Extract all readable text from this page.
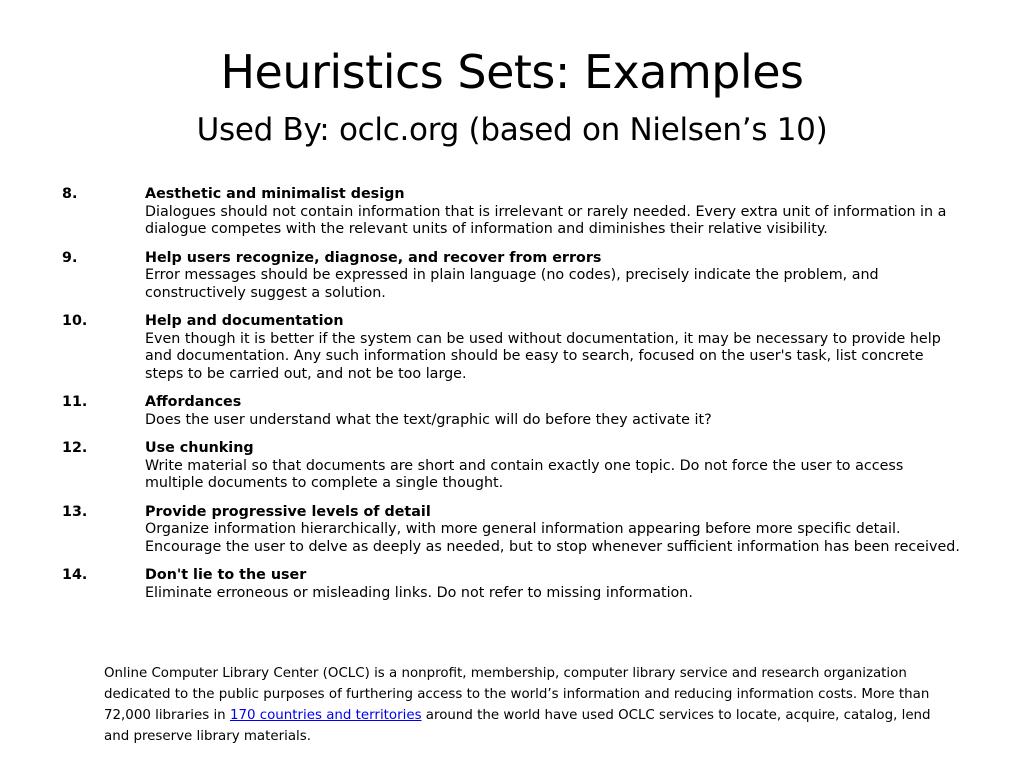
Heuristics Sets: Examples
Used By: oclc.org (based on Nielsen’s 10)
8.	Aesthetic and minimalist design
Dialogues should not contain information that is irrelevant or rarely needed. Every extra unit of information in a dialogue competes with the relevant units of information and diminishes their relative visibility.
9.	Help users recognize, diagnose, and recover from errors
Error messages should be expressed in plain language (no codes), precisely indicate the problem, and constructively suggest a solution.
10.	Help and documentation
Even though it is better if the system can be used without documentation, it may be necessary to provide help and documentation. Any such information should be easy to search, focused on the user's task, list concrete steps to be carried out, and not be too large.
11.	Affordances
Does the user understand what the text/graphic will do before they activate it?
12.	Use chunking
Write material so that documents are short and contain exactly one topic. Do not force the user to access multiple documents to complete a single thought.
13.	Provide progressive levels of detail
Organize information hierarchically, with more general information appearing before more specific detail. Encourage the user to delve as deeply as needed, but to stop whenever sufficient information has been received.
14.	Don't lie to the user
Eliminate erroneous or misleading links. Do not refer to missing information.
Online Computer Library Center (OCLC) is a nonprofit, membership, computer library service and research organization dedicated to the public purposes of furthering access to the world’s information and reducing information costs. More than 72,000 libraries in 170 countries and territories around the world have used OCLC services to locate, acquire, catalog, lend and preserve library materials.
